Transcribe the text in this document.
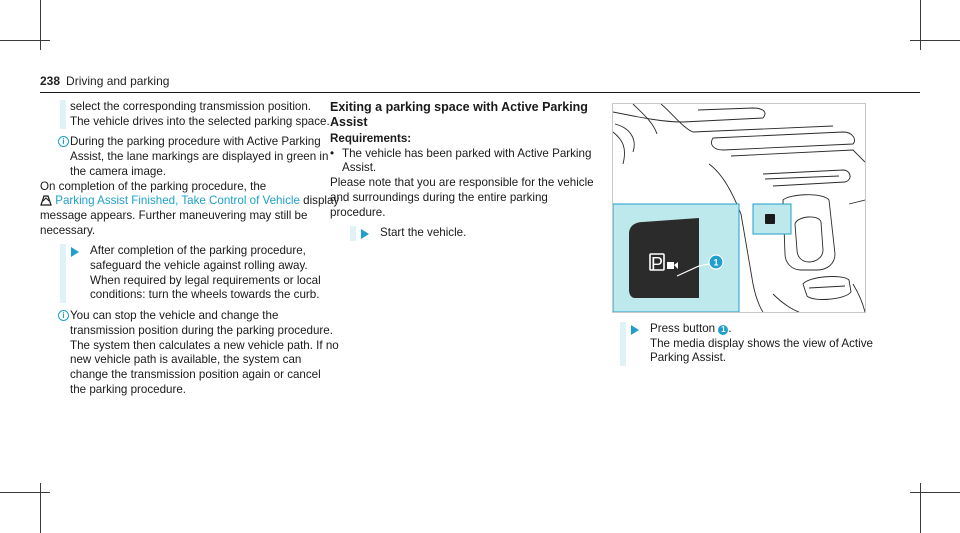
238 Driving and parking

select the corresponding transmission position.

The vehicle drives into the selected parking space.

i During the parking procedure with Active Parking Assist, the lane markings are displayed in green in the camera image.

On completion of the parking procedure, the
Parking Assist Finished, Take Control of Vehicle display message appears. Further maneuvering may still be necessary.

After completion of the parking procedure, safeguard the vehicle against rolling away. When required by legal requirements or local conditions: turn the wheels towards the curb.

i You can stop the vehicle and change the transmission position during the parking procedure. The system then calculates a new vehicle path. If no new vehicle path is available, the system can change the transmission position again or cancel the parking procedure.

Exiting a parking space with Active Parking Assist

Requirements:

• The vehicle has been parked with Active Parking Assist.

Please note that you are responsible for the vehicle and surroundings during the entire parking procedure.

Start the vehicle.

P	1

Press button 1 .
The media display shows the view of Active Parking Assist.
